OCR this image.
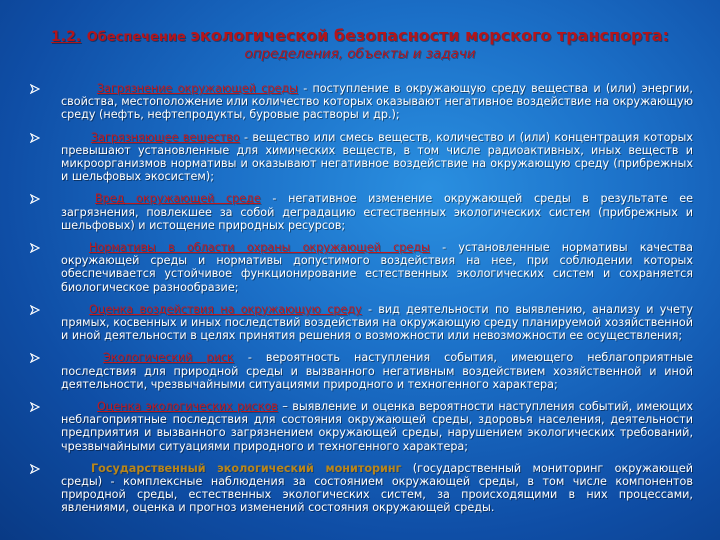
1.2. Обеспечение экологической безопасности морского транспорта:
определения, объекты и задачи
Загрязнение окружающей среды - поступление в окружающую среду вещества и (или) энергии, свойства, местоположение или количество которых оказывают негативное воздействие на окружающую среду (нефть, нефтепродукты, буровые растворы и др.);
Загрязняющее вещество - вещество или смесь веществ, количество и (или) концентрация которых превышают установленные для химических веществ, в том числе радиоактивных, иных веществ и микроорганизмов нормативы и оказывают негативное воздействие на окружающую среду (прибрежных и шельфовых экосистем);
Вред окружающей среде - негативное изменение окружающей среды в результате ее загрязнения, повлекшее за собой деградацию естественных экологических систем (прибрежных и шельфовых) и истощение природных ресурсов;
Нормативы в области охраны окружающей среды - установленные нормативы качества окружающей среды и нормативы допустимого воздействия на нее, при соблюдении которых обеспечивается устойчивое функционирование естественных экологических систем и сохраняется биологическое разнообразие;
Оценка воздействия на окружающую среду - вид деятельности по выявлению, анализу и учету прямых, косвенных и иных последствий воздействия на окружающую среду планируемой хозяйственной и иной деятельности в целях принятия решения о возможности или невозможности ее осуществления;
Экологический риск - вероятность наступления события, имеющего неблагоприятные последствия для природной среды и вызванного негативным воздействием хозяйственной и иной деятельности, чрезвычайными ситуациями природного и техногенного характера;
Оценка экологических рисков – выявление и оценка вероятности наступления событий, имеющих неблагоприятные последствия для состояния окружающей среды, здоровья населения, деятельности предприятия и вызванного загрязнением окружающей среды, нарушением экологических требований, чрезвычайными ситуациями природного и техногенного характера;
Государственный экологический мониторинг (государственный мониторинг окружающей среды) - комплексные наблюдения за состоянием окружающей среды, в том числе компонентов природной среды, естественных экологических систем, за происходящими в них процессами, явлениями, оценка и прогноз изменений состояния окружающей среды.
